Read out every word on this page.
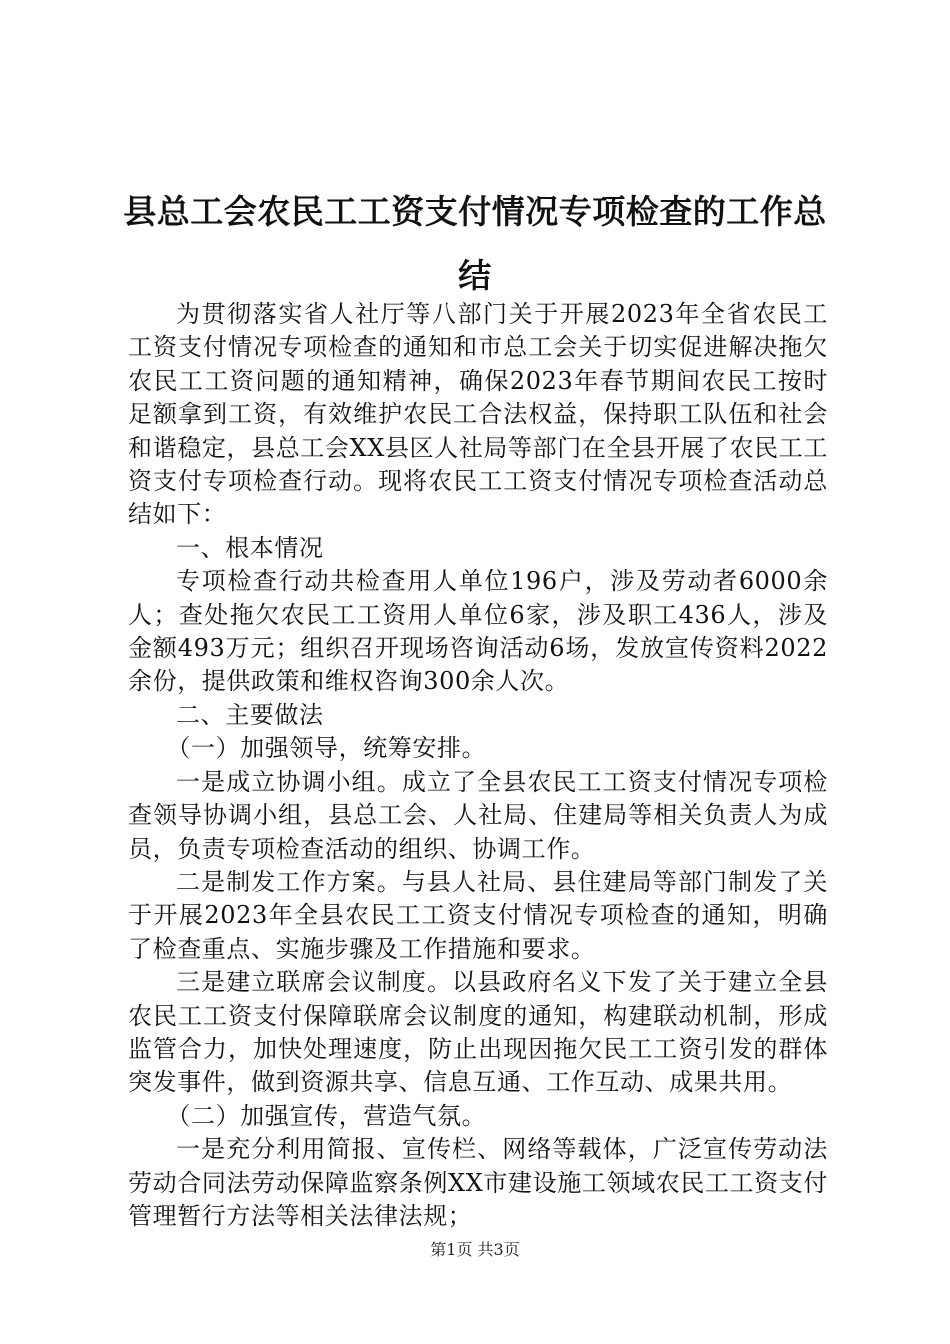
县总工会农民工工资支付情况专项检查的工作总结

为贯彻落实省人社厅等八部门关于开展2023年全省农民工工资支付情况专项检查的通知和市总工会关于切实促进解决拖欠农民工工资问题的通知精神，确保2023年春节期间农民工按时足额拿到工资，有效维护农民工合法权益，保持职工队伍和社会和谐稳定，县总工会XX县区人社局等部门在全县开展了农民工工资支付专项检查行动。现将农民工工资支付情况专项检查活动总结如下：

一、根本情况

专项检查行动共检查用人单位196户，涉及劳动者6000余人；查处拖欠农民工工资用人单位6家，涉及职工436人，涉及金额493万元；组织召开现场咨询活动6场，发放宣传资料2022余份，提供政策和维权咨询300余人次。

二、主要做法

（一）加强领导，统筹安排。

一是成立协调小组。成立了全县农民工工资支付情况专项检查领导协调小组，县总工会、人社局、住建局等相关负责人为成员，负责专项检查活动的组织、协调工作。

二是制发工作方案。与县人社局、县住建局等部门制发了关于开展2023年全县农民工工资支付情况专项检查的通知，明确了检查重点、实施步骤及工作措施和要求。

三是建立联席会议制度。以县政府名义下发了关于建立全县农民工工资支付保障联席会议制度的通知，构建联动机制，形成监管合力，加快处理速度，防止出现因拖欠民工工资引发的群体突发事件，做到资源共享、信息互通、工作互动、成果共用。

（二）加强宣传，营造气氛。

一是充分利用简报、宣传栏、网络等载体，广泛宣传劳动法劳动合同法劳动保障监察条例XX市建设施工领域农民工工资支付管理暂行方法等相关法律法规；

第1页 共3页
